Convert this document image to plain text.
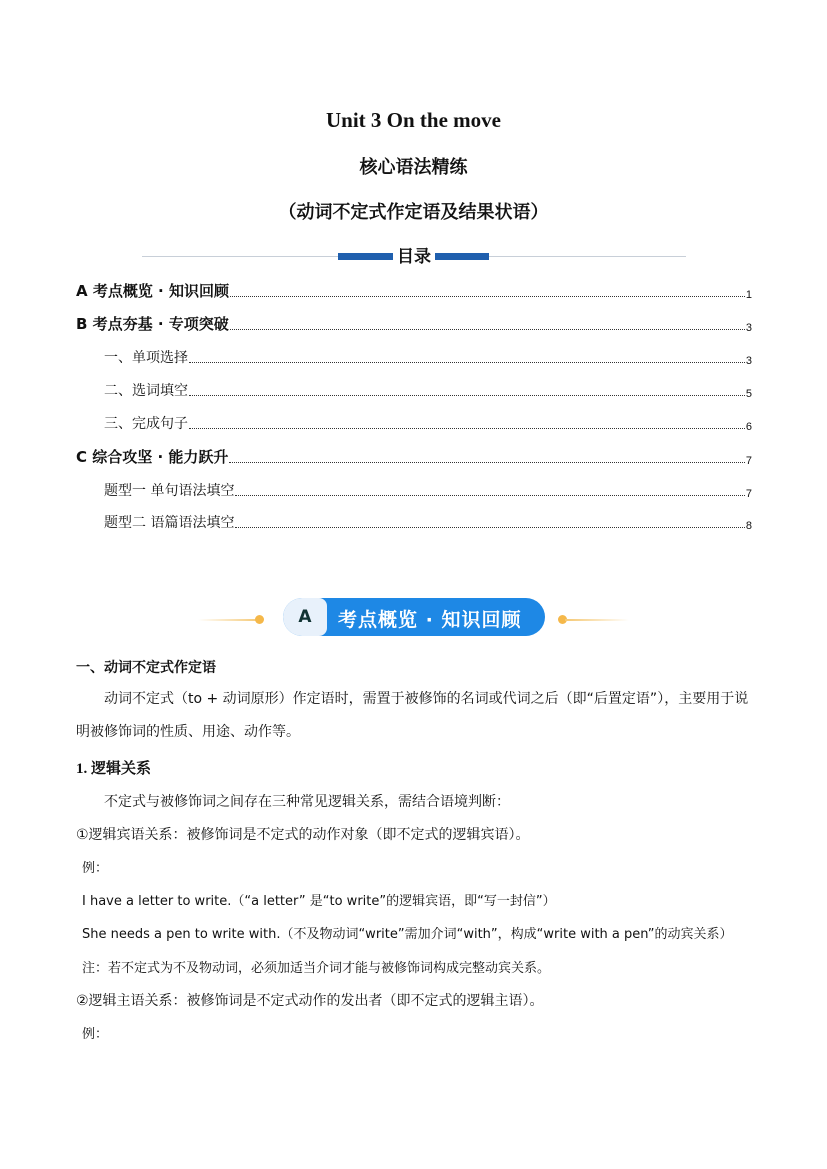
Unit 3 On the move
核心语法精练
（动词不定式作定语及结果状语）
目录
A 考点概览 · 知识回顾	1
B 考点夯基 · 专项突破	3
一、单项选择	3
二、选词填空	5
三、完成句子	6
C 综合攻坚 · 能力跃升	7
题型一 单句语法填空	7
题型二 语篇语法填空	8
A	考点概览 · 知识回顾
一、动词不定式作定语
动词不定式（to + 动词原形）作定语时，需置于被修饰的名词或代词之后（即“后置定语”），主要用于说明被修饰词的性质、用途、动作等。
1. 逻辑关系
不定式与被修饰词之间存在三种常见逻辑关系，需结合语境判断：
①逻辑宾语关系：被修饰词是不定式的动作对象（即不定式的逻辑宾语）。
例：
I have a letter to write.（“a letter” 是“to write”的逻辑宾语，即“写一封信”）
She needs a pen to write with.（不及物动词“write”需加介词“with”，构成“write with a pen”的动宾关系）
注：若不定式为不及物动词，必须加适当介词才能与被修饰词构成完整动宾关系。
②逻辑主语关系：被修饰词是不定式动作的发出者（即不定式的逻辑主语）。
例：
